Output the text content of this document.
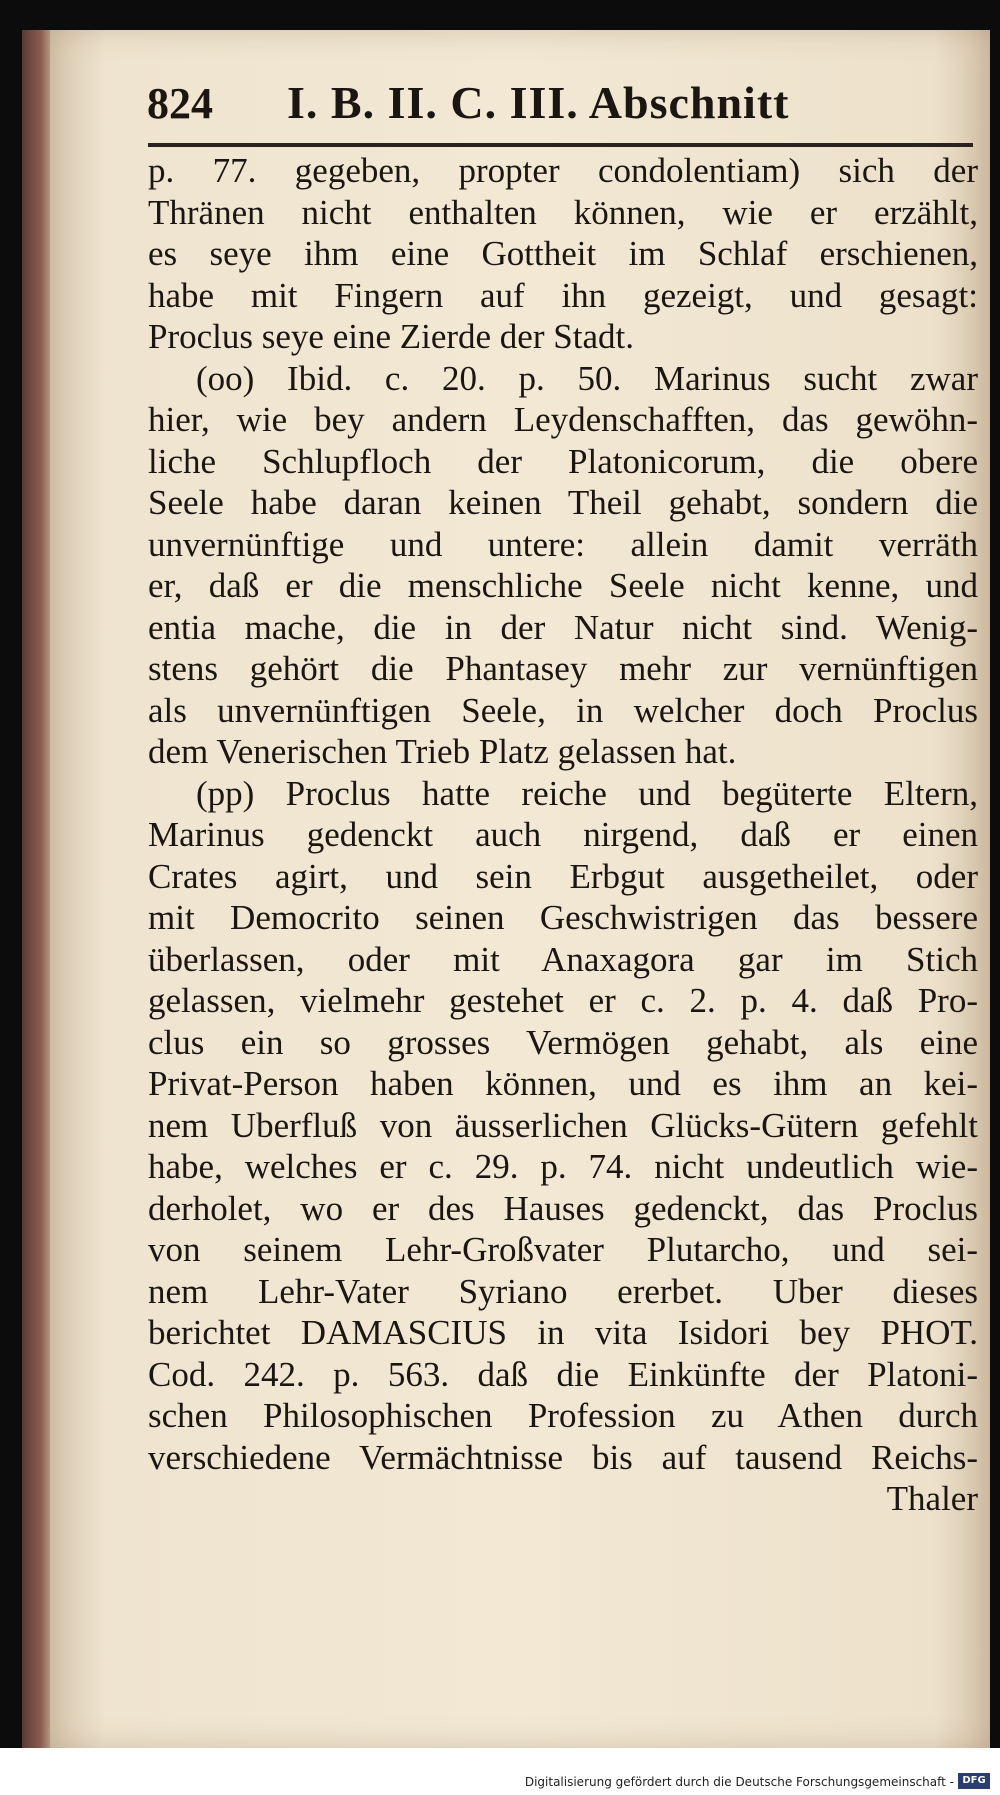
824 I. B. II. C. III. Abschnitt
p. 77. gegeben, propter condolentiam) sich der
Thränen nicht enthalten können, wie er erzählt,
es seye ihm eine Gottheit im Schlaf erschienen,
habe mit Fingern auf ihn gezeigt, und gesagt:
Proclus seye eine Zierde der Stadt.
(oo) Ibid. c. 20. p. 50. Marinus sucht zwar
hier, wie bey andern Leydenschafften, das gewöhn-
liche Schlupfloch der Platonicorum, die obere
Seele habe daran keinen Theil gehabt, sondern die
unvernünftige und untere: allein damit verräth
er, daß er die menschliche Seele nicht kenne, und
entia mache, die in der Natur nicht sind. Wenig-
stens gehört die Phantasey mehr zur vernünftigen
als unvernünftigen Seele, in welcher doch Proclus
dem Venerischen Trieb Platz gelassen hat.
(pp) Proclus hatte reiche und begüterte Eltern,
Marinus gedenckt auch nirgend, daß er einen
Crates agirt, und sein Erbgut ausgetheilet, oder
mit Democrito seinen Geschwistrigen das bessere
überlassen, oder mit Anaxagora gar im Stich
gelassen, vielmehr gestehet er c. 2. p. 4. daß Pro-
clus ein so grosses Vermögen gehabt, als eine
Privat-Person haben können, und es ihm an kei-
nem Uberfluß von äusserlichen Glücks-Gütern gefehlt
habe, welches er c. 29. p. 74. nicht undeutlich wie-
derholet, wo er des Hauses gedenckt, das Proclus
von seinem Lehr-Großvater Plutarcho, und sei-
nem Lehr-Vater Syriano ererbet. Uber dieses
berichtet DAMASCIUS in vita Isidori bey PHOT.
Cod. 242. p. 563. daß die Einkünfte der Platoni-
schen Philosophischen Profession zu Athen durch
verschiedene Vermächtnisse bis auf tausend Reichs-
Thaler
Digitalisierung gefördert durch die Deutsche Forschungsgemeinschaft - DFG
